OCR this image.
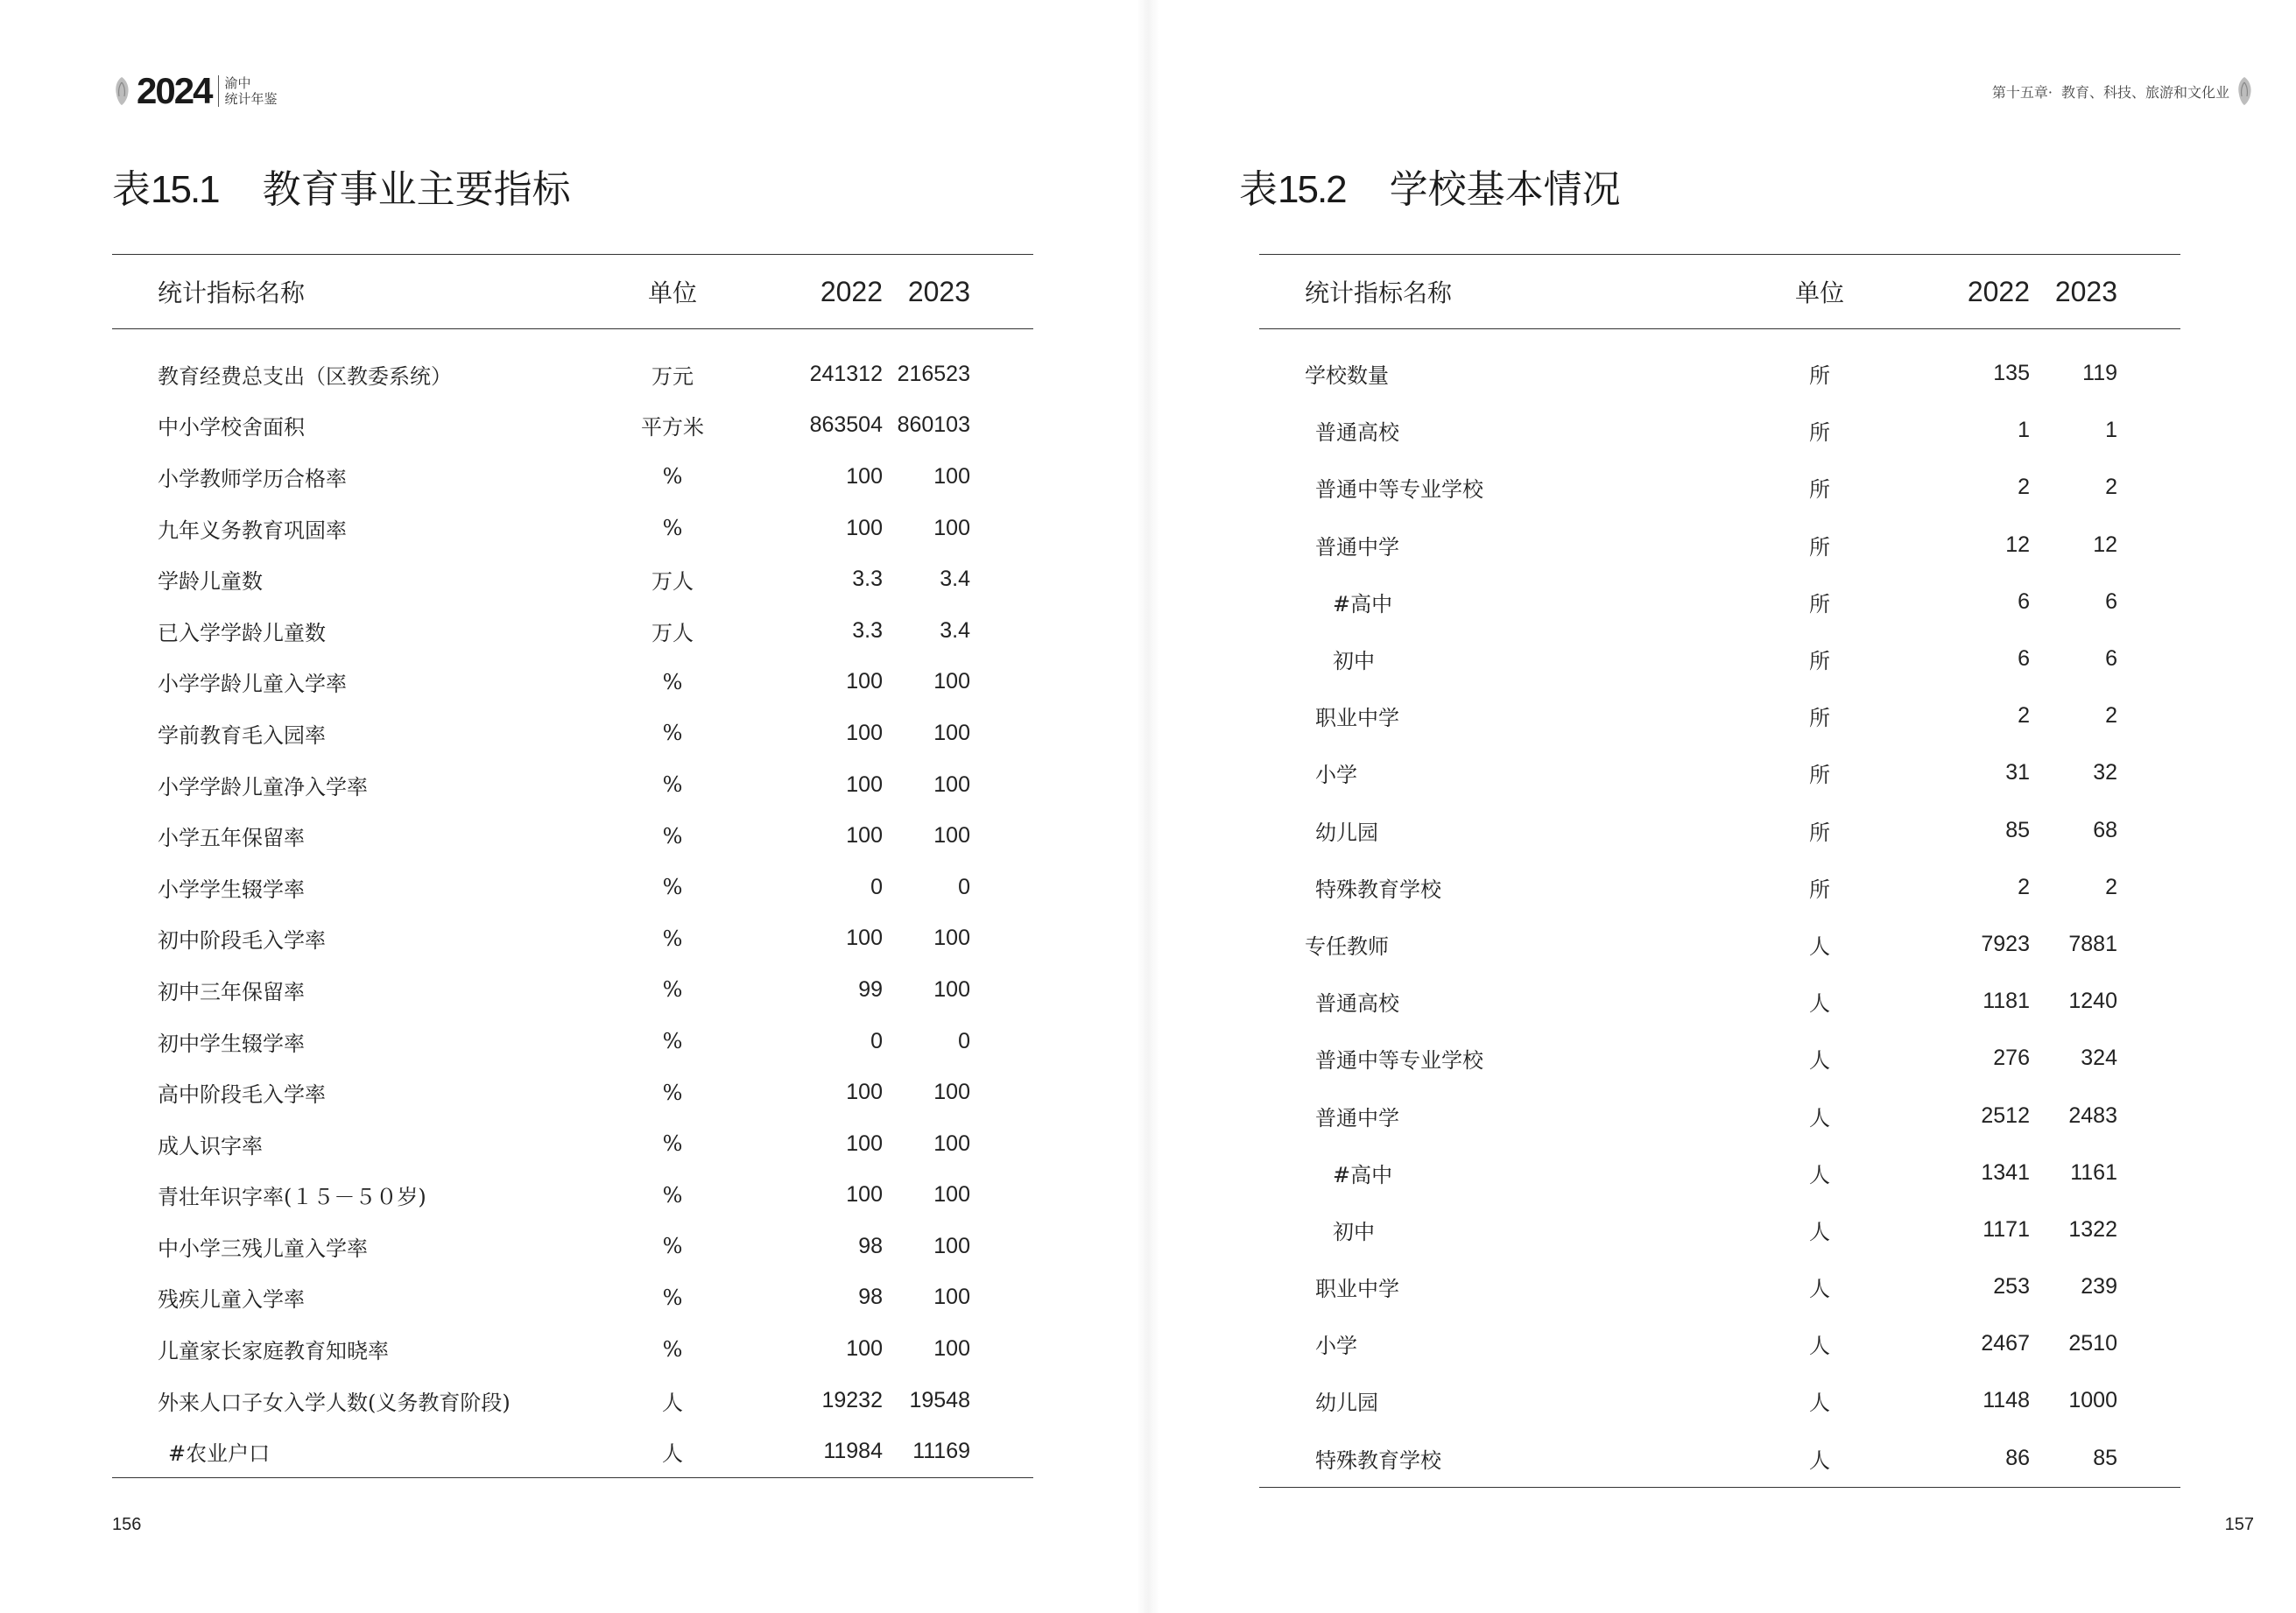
2024 渝中
统计年鉴
表 15.1 教育事业主要指标
统计指标名称	单位	2022	2023
教育经费总支出（区教委系统）	万元	241312	216523
中小学校舍面积	平方米	863504	860103
小学教师学历合格率	%	100	100
九年义务教育巩固率	%	100	100
学龄儿童数	万人	3.3	3.4
已入学学龄儿童数	万人	3.3	3.4
小学学龄儿童入学率	%	100	100
学前教育毛入园率	%	100	100
小学学龄儿童净入学率	%	100	100
小学五年保留率	%	100	100
小学学生辍学率	%	0	0
初中阶段毛入学率	%	100	100
初中三年保留率	%	99	100
初中学生辍学率	%	0	0
高中阶段毛入学率	%	100	100
成人识字率	%	100	100
青壮年识字率(１５－５０岁)	%	100	100
中小学三残儿童入学率	%	98	100
残疾儿童入学率	%	98	100
儿童家长家庭教育知晓率	%	100	100
外来人口子女入学人数(义务教育阶段)	人	19232	19548
#农业户口	人	11984	11169
156
第十五章· 教育、科技、旅游和文化业
表 15.2 学校基本情况
统计指标名称	单位	2022	2023
学校数量	所	135	119
普通高校	所	1	1
普通中等专业学校	所	2	2
普通中学	所	12	12
#高中	所	6	6
初中	所	6	6
职业中学	所	2	2
小学	所	31	32
幼儿园	所	85	68
特殊教育学校	所	2	2
专任教师	人	7923	7881
普通高校	人	1181	1240
普通中等专业学校	人	276	324
普通中学	人	2512	2483
#高中	人	1341	1161
初中	人	1171	1322
职业中学	人	253	239
小学	人	2467	2510
幼儿园	人	1148	1000
特殊教育学校	人	86	85
157
